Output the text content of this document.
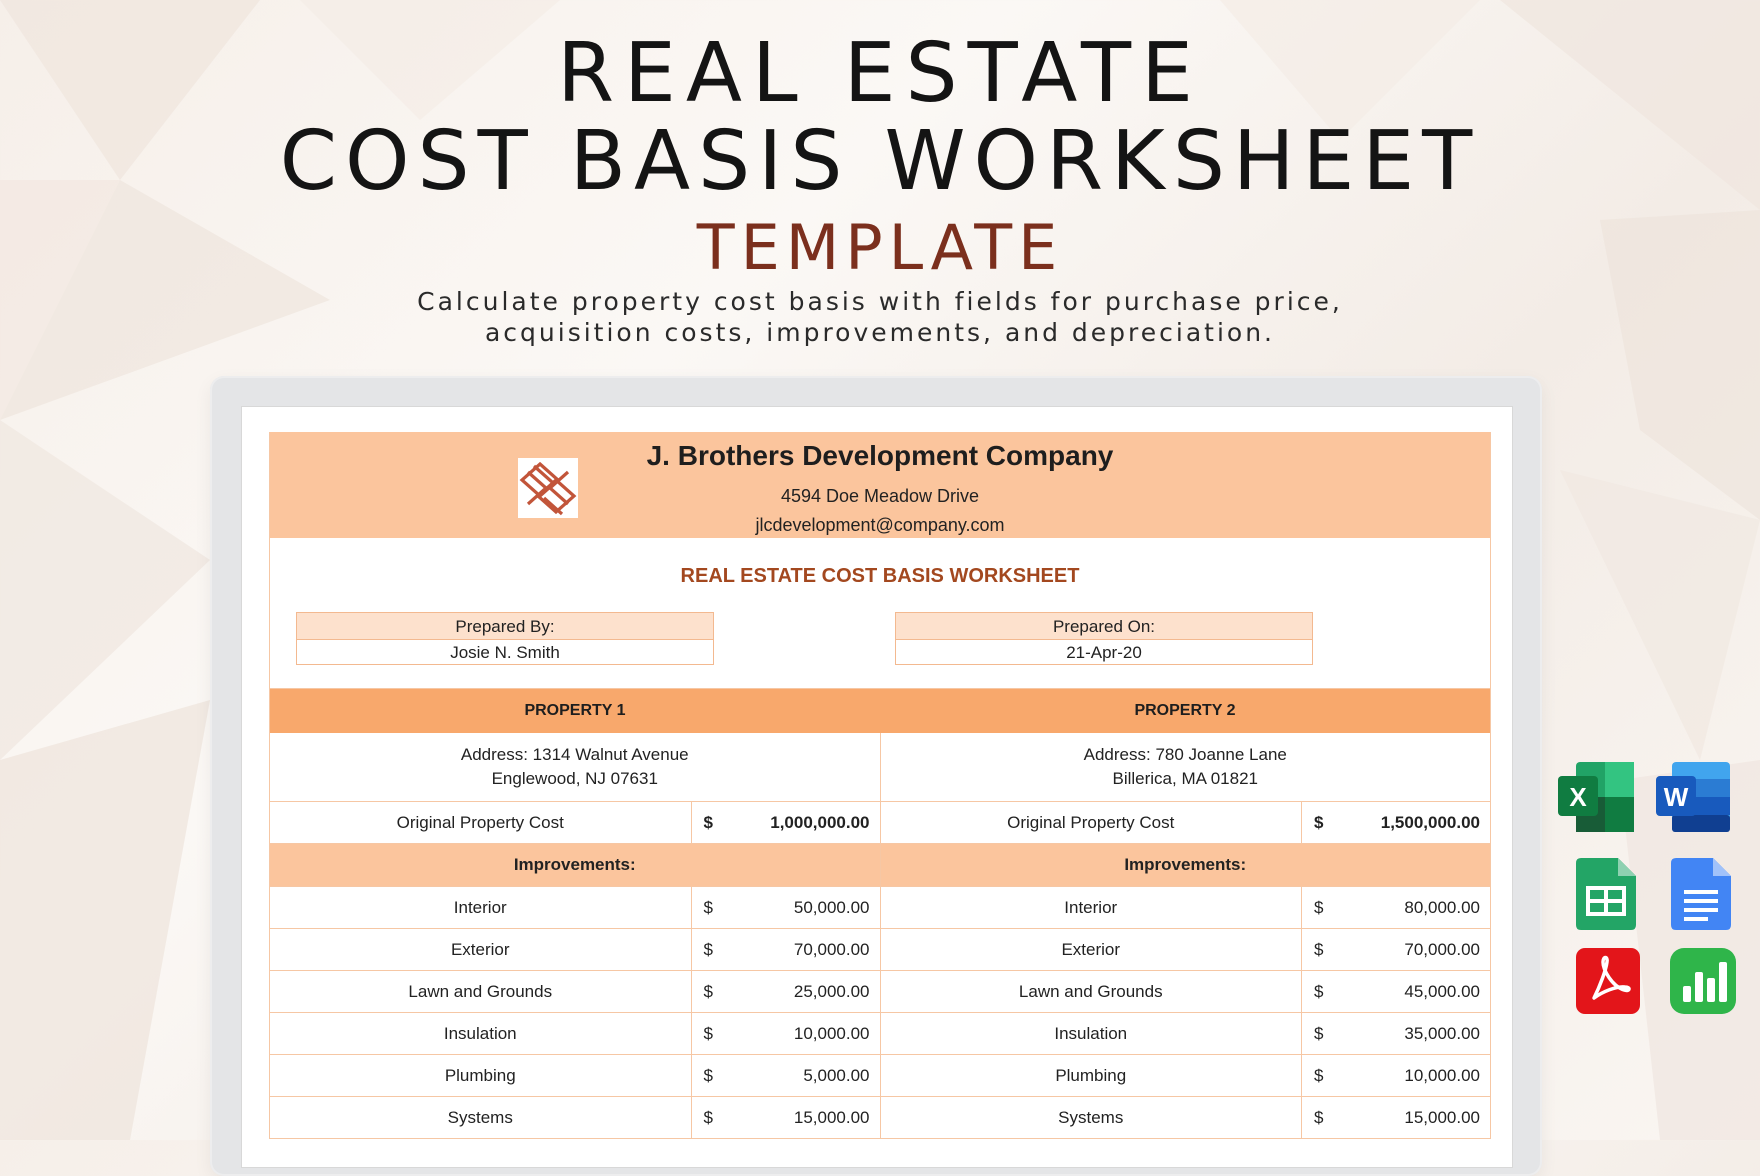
REAL ESTATE
COST BASIS WORKSHEET
TEMPLATE
Calculate property cost basis with fields for purchase price,
acquisition costs, improvements, and depreciation.
J. Brothers Development Company
4594 Doe Meadow Drive
jlcdevelopment@company.com
REAL ESTATE COST BASIS WORKSHEET
Prepared By:
Josie N. Smith
Prepared On:
21-Apr-20
PROPERTY 1	PROPERTY 2
Address: 1314 Walnut Avenue
Englewood, NJ 07631
Address: 780 Joanne Lane
Billerica, MA 01821
Original Property Cost	$	1,000,000.00	Original Property Cost	$	1,500,000.00
Improvements:	Improvements:
Interior	$	50,000.00	Interior	$	80,000.00
Exterior	$	70,000.00	Exterior	$	70,000.00
Lawn and Grounds	$	25,000.00	Lawn and Grounds	$	45,000.00
Insulation	$	10,000.00	Insulation	$	35,000.00
Plumbing	$	5,000.00	Plumbing	$	10,000.00
Systems	$	15,000.00	Systems	$	15,000.00
X	W
